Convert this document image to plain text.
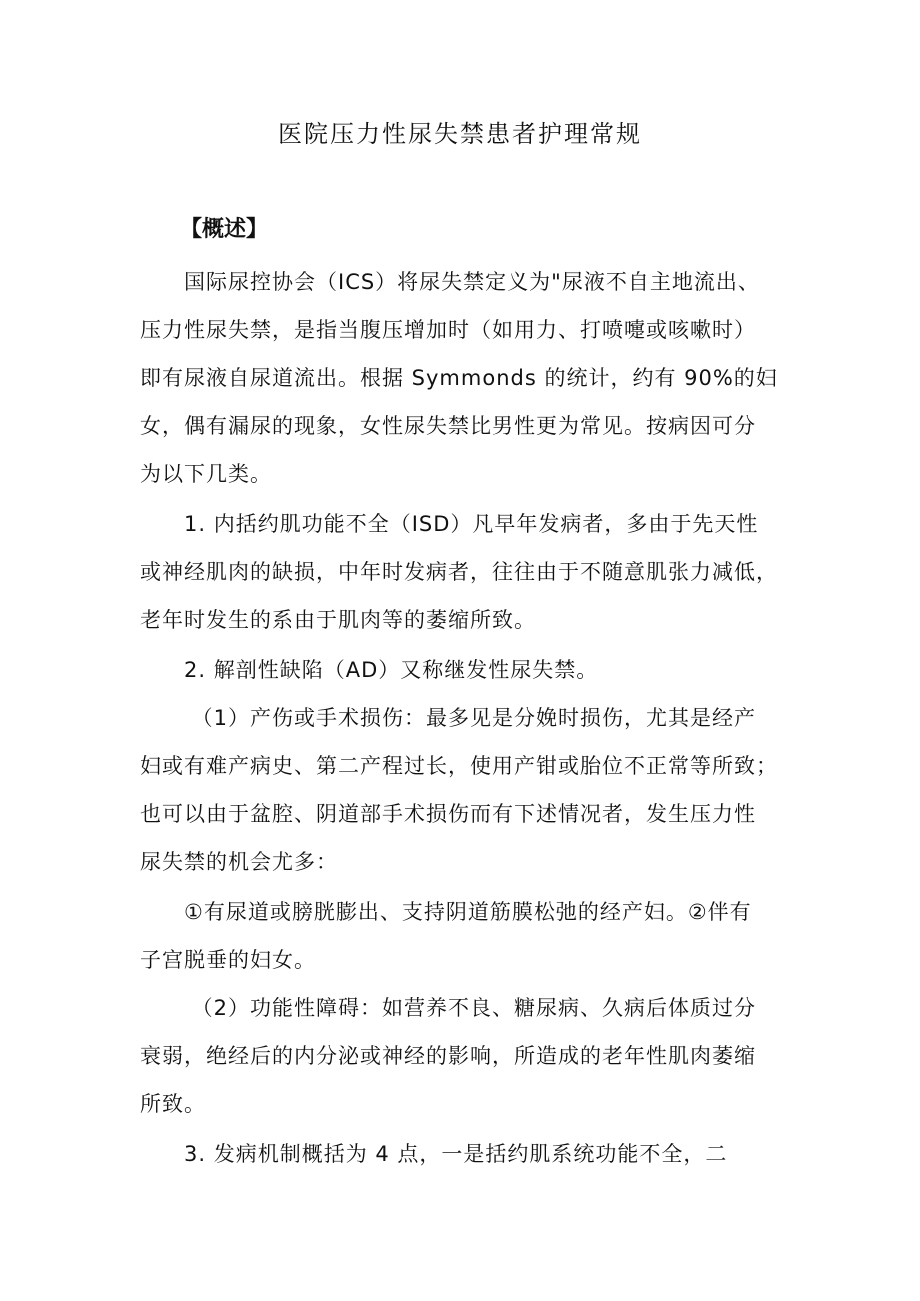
医院压力性尿失禁患者护理常规
【概述】
　　国际尿控协会（ICS）将尿失禁定义为"尿液不自主地流出、
压力性尿失禁，是指当腹压增加时（如用力、打喷嚏或咳嗽时）
即有尿液自尿道流出。根据 Symmonds 的统计，约有 90%的妇
女，偶有漏尿的现象，女性尿失禁比男性更为常见。按病因可分
为以下几类。
　　1. 内括约肌功能不全（ISD）凡早年发病者，多由于先天性
或神经肌肉的缺损，中年时发病者，往往由于不随意肌张力减低，
老年时发生的系由于肌肉等的萎缩所致。
　　2. 解剖性缺陷（AD）又称继发性尿失禁。
　　 （1）产伤或手术损伤：最多见是分娩时损伤，尤其是经产
妇或有难产病史、第二产程过长，使用产钳或胎位不正常等所致；
也可以由于盆腔、阴道部手术损伤而有下述情况者，发生压力性
尿失禁的机会尤多：
　　①有尿道或膀胱膨出、支持阴道筋膜松弛的经产妇。②伴有
子宫脱垂的妇女。
　　 （2）功能性障碍：如营养不良、糖尿病、久病后体质过分
衰弱，绝经后的内分泌或神经的影响，所造成的老年性肌肉萎缩
所致。
　　3. 发病机制概括为 4 点，一是括约肌系统功能不全，二
